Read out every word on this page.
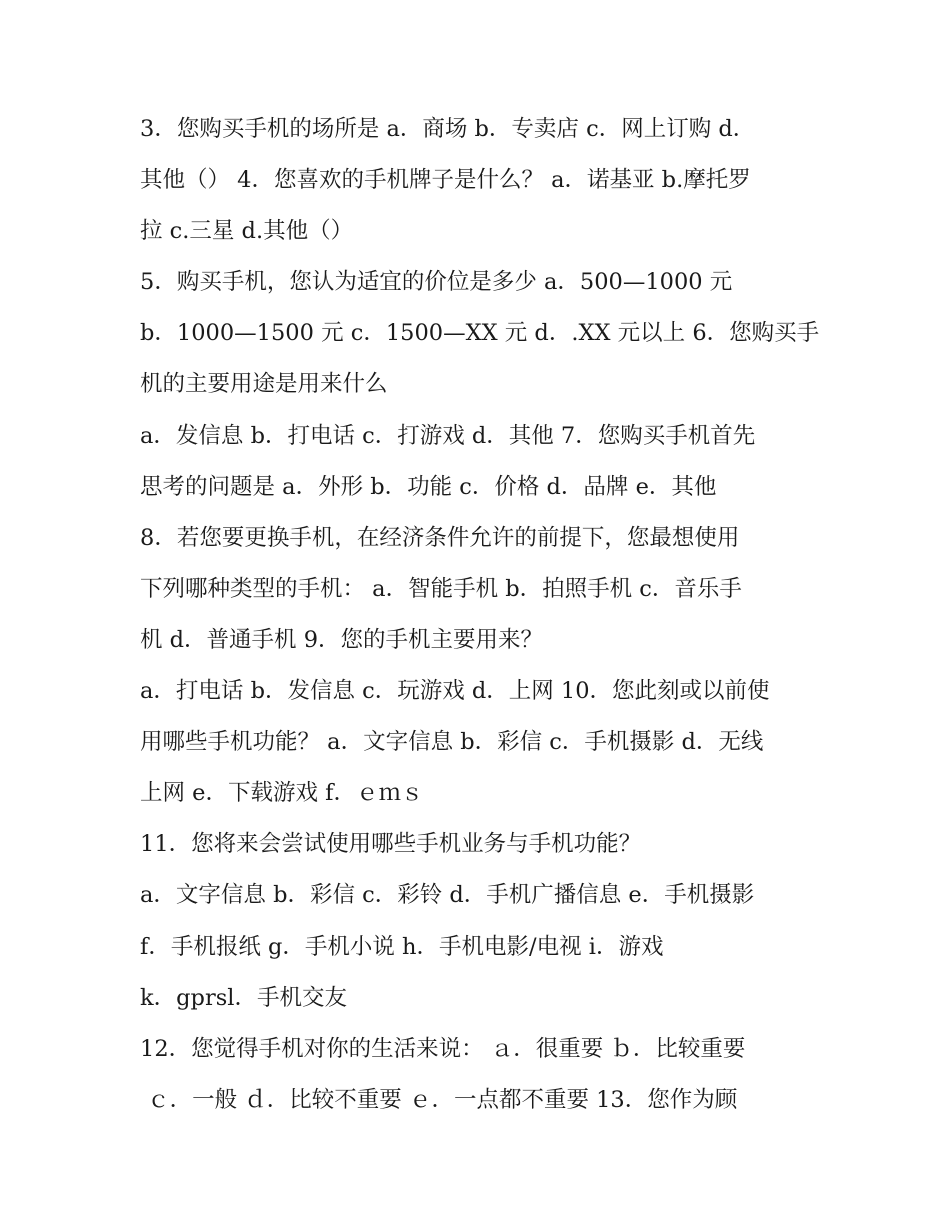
3．您购买手机的场所是 a．商场 b．专卖店 c．网上订购 d．
其他（） 4．您喜欢的手机牌子是什么？ a．诺基亚 b.摩托罗
拉 c.三星 d.其他（）
5．购买手机，您认为适宜的价位是多少 a．500—1000 元
b．1000—1500 元 c．1500—XX 元 d．.XX 元以上 6．您购买手
机的主要用途是用来什么
a．发信息 b．打电话 c．打游戏 d．其他 7．您购买手机首先
思考的问题是 a．外形 b．功能 c．价格 d．品牌 e．其他
8．若您要更换手机，在经济条件允许的前提下，您最想使用
下列哪种类型的手机： a．智能手机 b．拍照手机 c．音乐手
机 d．普通手机 9．您的手机主要用来？
a．打电话 b．发信息 c．玩游戏 d．上网 10．您此刻或以前使
用哪些手机功能？ a．文字信息 b．彩信 c．手机摄影 d．无线
上网 e．下载游戏 f．ｅｍｓ
11．您将来会尝试使用哪些手机业务与手机功能？
a．文字信息 b．彩信 c．彩铃 d．手机广播信息 e．手机摄影
f．手机报纸 g．手机小说 h．手机电影/电视 i．游戏
k．gprsl．手机交友
12．您觉得手机对你的生活来说： ａ．很重要 ｂ．比较重要
ｃ．一般 ｄ．比较不重要 ｅ．一点都不重要 13．您作为顾
